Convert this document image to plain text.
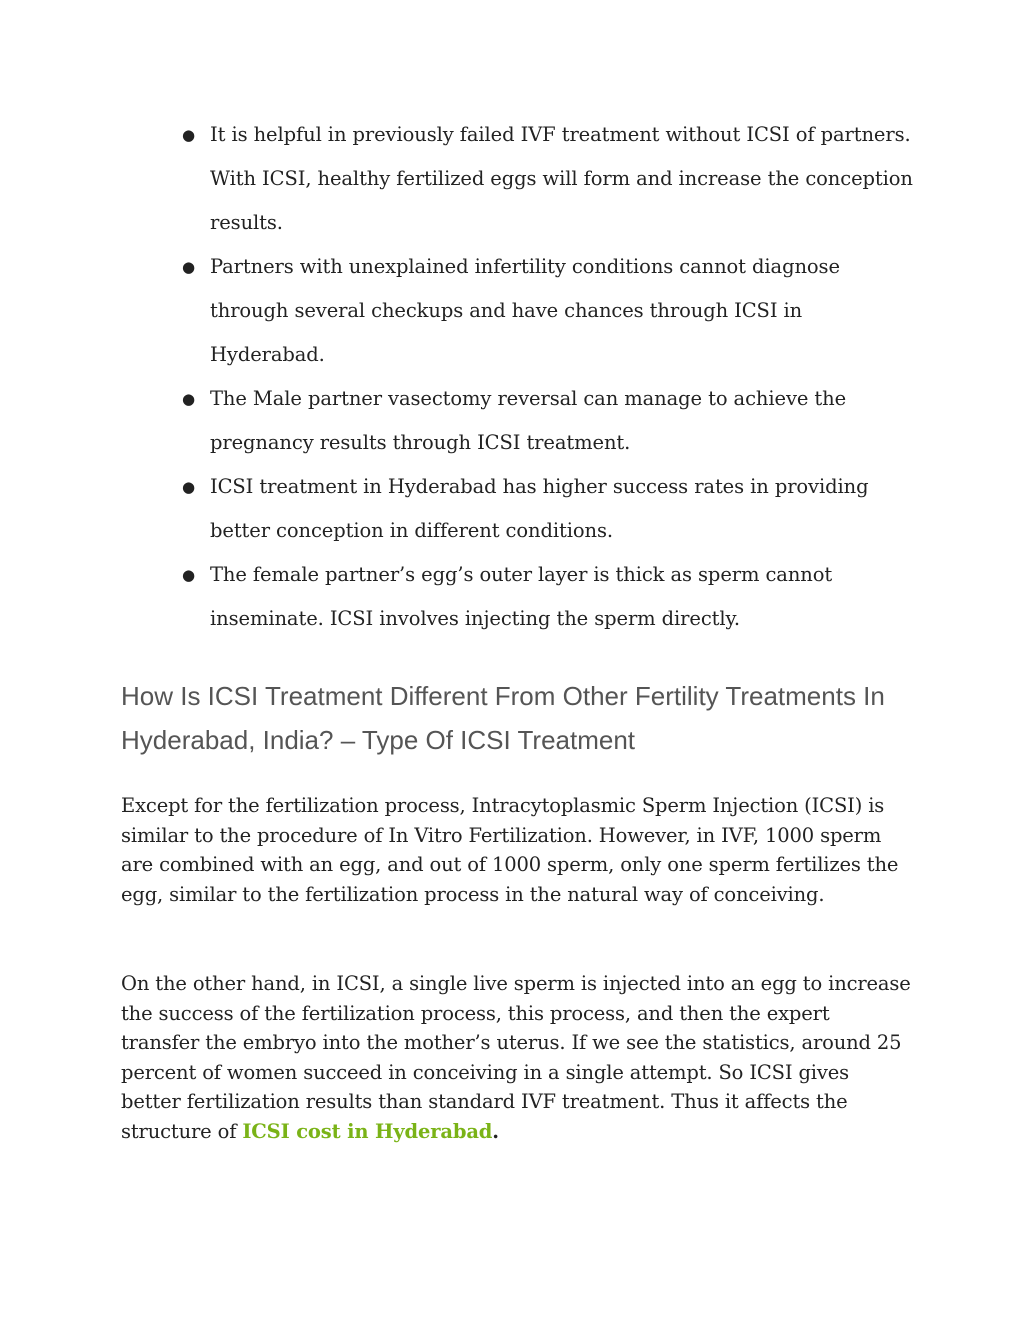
● It is helpful in previously failed IVF treatment without ICSI of partners. With ICSI, healthy fertilized eggs will form and increase the conception results.
● Partners with unexplained infertility conditions cannot diagnose through several checkups and have chances through ICSI in Hyderabad.
● The Male partner vasectomy reversal can manage to achieve the pregnancy results through ICSI treatment.
● ICSI treatment in Hyderabad has higher success rates in providing better conception in different conditions.
● The female partner’s egg’s outer layer is thick as sperm cannot inseminate. ICSI involves injecting the sperm directly.
How Is ICSI Treatment Different From Other Fertility Treatments In Hyderabad, India? – Type Of ICSI Treatment

Except for the fertilization process, Intracytoplasmic Sperm Injection (ICSI) is similar to the procedure of In Vitro Fertilization. However, in IVF, 1000 sperm are combined with an egg, and out of 1000 sperm, only one sperm fertilizes the egg, similar to the fertilization process in the natural way of conceiving.

On the other hand, in ICSI, a single live sperm is injected into an egg to increase the success of the fertilization process, this process, and then the expert transfer the embryo into the mother’s uterus. If we see the statistics, around 25 percent of women succeed in conceiving in a single attempt. So ICSI gives better fertilization results than standard IVF treatment. Thus it affects the structure of ICSI cost in Hyderabad.
